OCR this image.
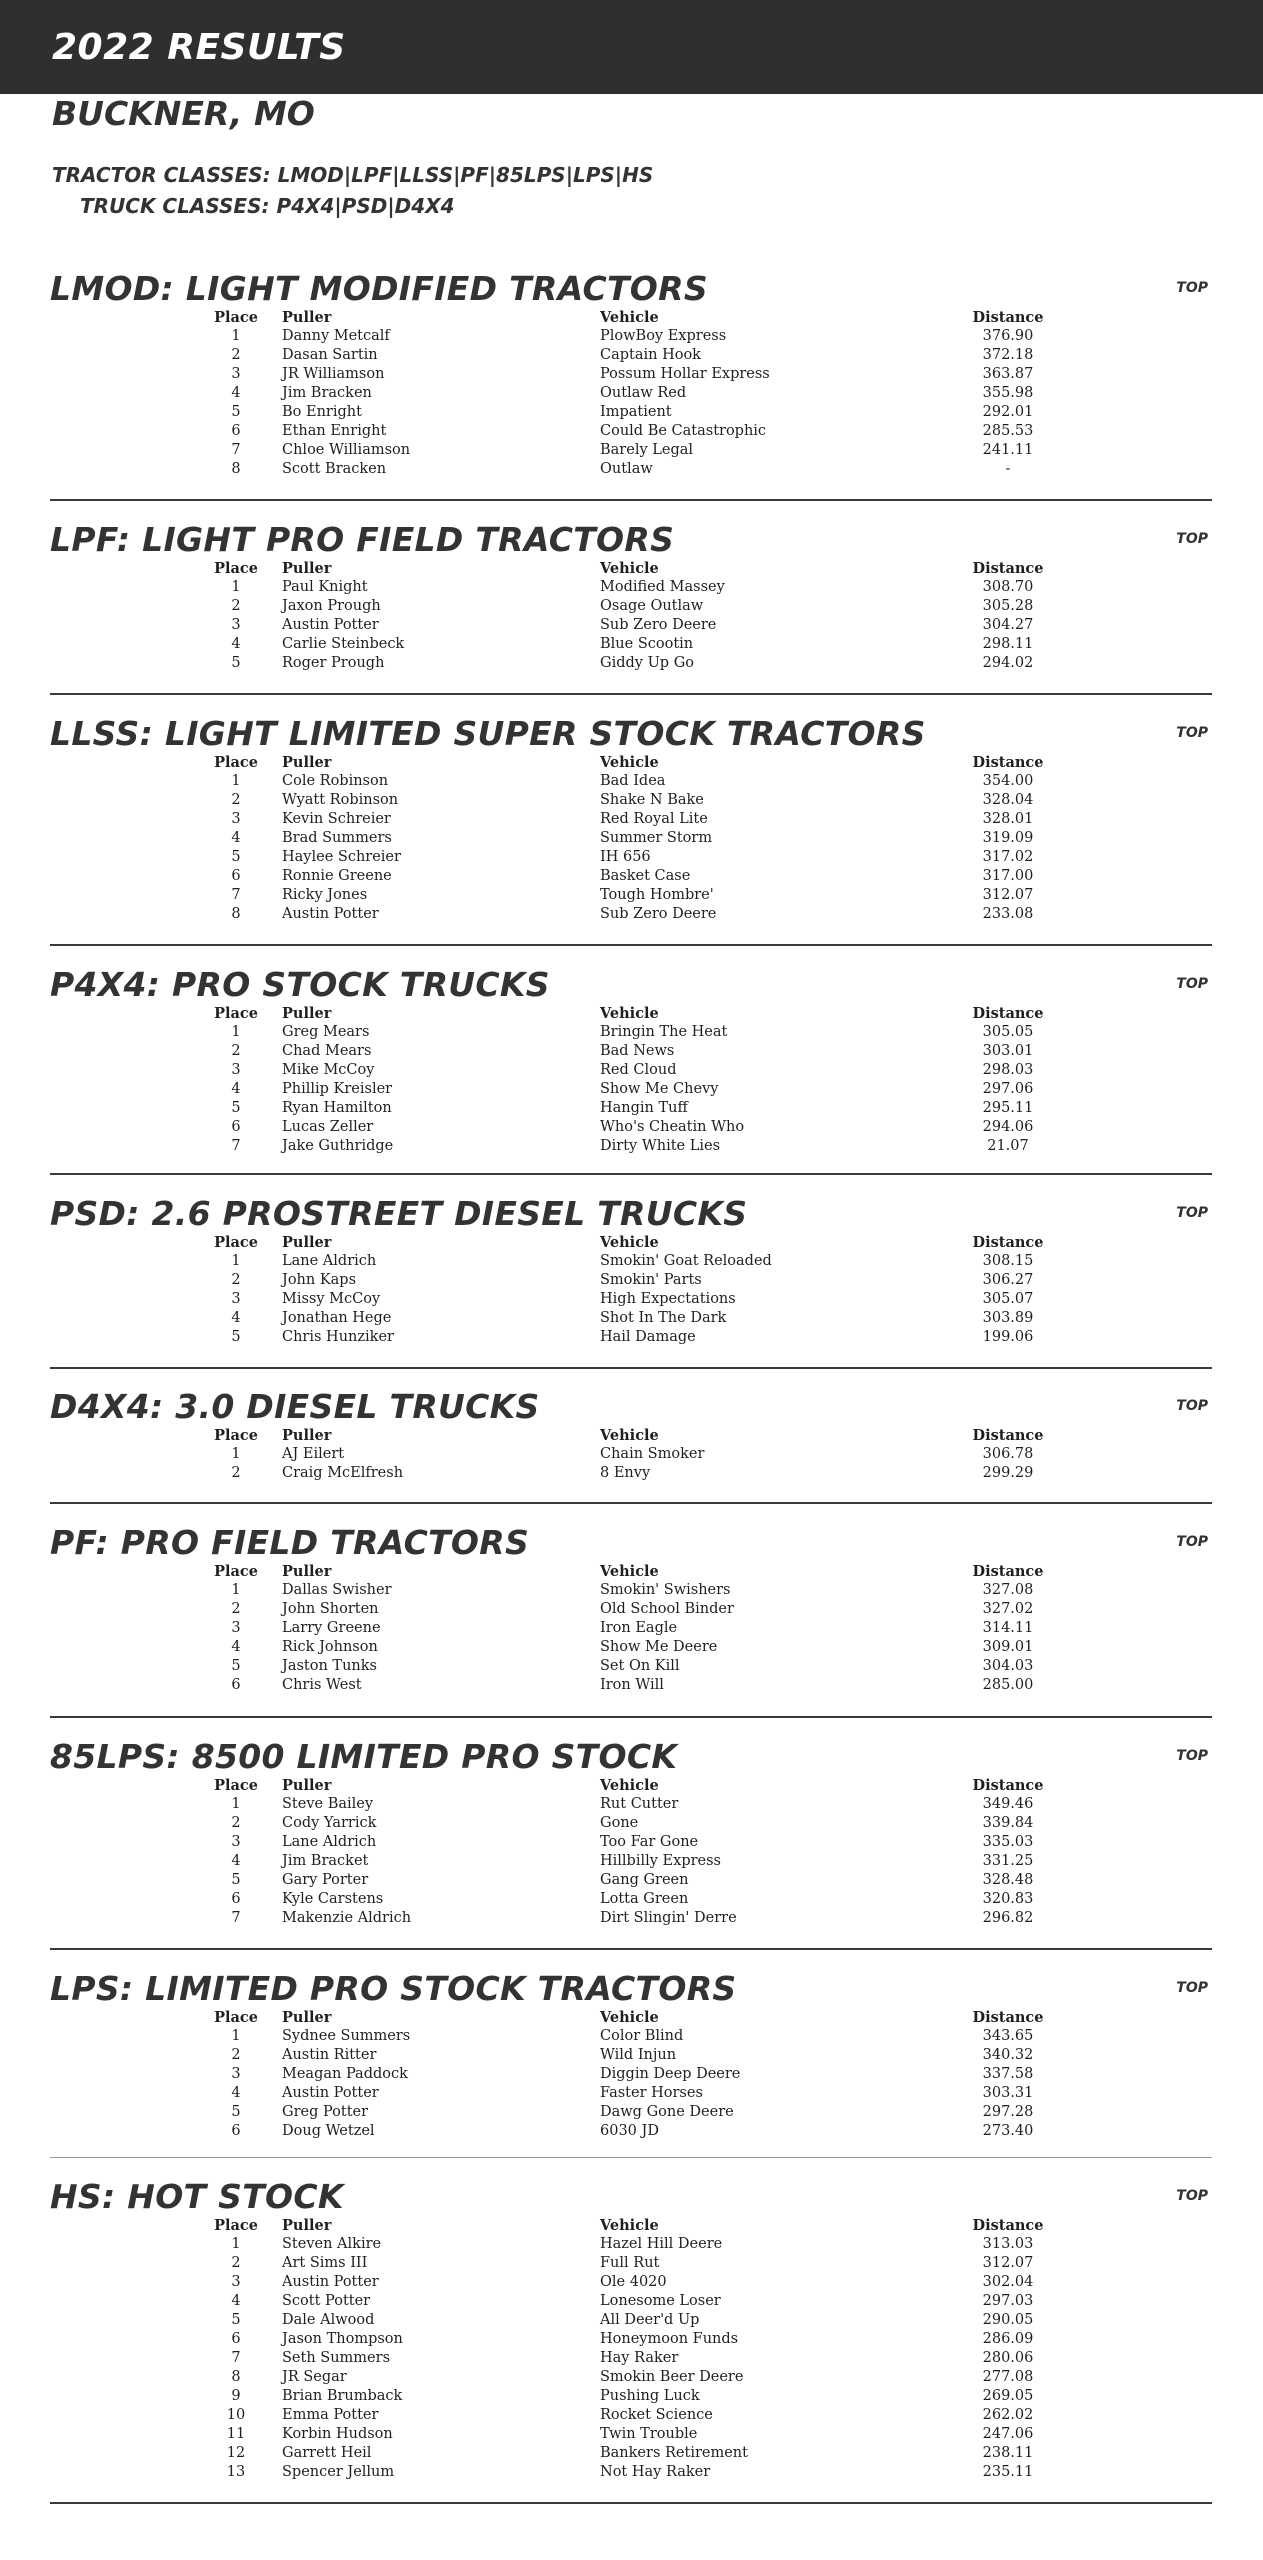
2022 RESULTS
BUCKNER, MO
TRACTOR CLASSES: LMOD|LPF|LLSS|PF|85LPS|LPS|HS
TRUCK CLASSES: P4X4|PSD|D4X4
LMOD: LIGHT MODIFIED TRACTORS	TOP
Place	Puller	Vehicle	Distance
1	Danny Metcalf	PlowBoy Express	376.90
2	Dasan Sartin	Captain Hook	372.18
3	JR Williamson	Possum Hollar Express	363.87
4	Jim Bracken	Outlaw Red	355.98
5	Bo Enright	Impatient	292.01
6	Ethan Enright	Could Be Catastrophic	285.53
7	Chloe Williamson	Barely Legal	241.11
8	Scott Bracken	Outlaw	-
LPF: LIGHT PRO FIELD TRACTORS	TOP
Place	Puller	Vehicle	Distance
1	Paul Knight	Modified Massey	308.70
2	Jaxon Prough	Osage Outlaw	305.28
3	Austin Potter	Sub Zero Deere	304.27
4	Carlie Steinbeck	Blue Scootin	298.11
5	Roger Prough	Giddy Up Go	294.02
LLSS: LIGHT LIMITED SUPER STOCK TRACTORS	TOP
Place	Puller	Vehicle	Distance
1	Cole Robinson	Bad Idea	354.00
2	Wyatt Robinson	Shake N Bake	328.04
3	Kevin Schreier	Red Royal Lite	328.01
4	Brad Summers	Summer Storm	319.09
5	Haylee Schreier	IH 656	317.02
6	Ronnie Greene	Basket Case	317.00
7	Ricky Jones	Tough Hombre'	312.07
8	Austin Potter	Sub Zero Deere	233.08
P4X4: PRO STOCK TRUCKS	TOP
Place	Puller	Vehicle	Distance
1	Greg Mears	Bringin The Heat	305.05
2	Chad Mears	Bad News	303.01
3	Mike McCoy	Red Cloud	298.03
4	Phillip Kreisler	Show Me Chevy	297.06
5	Ryan Hamilton	Hangin Tuff	295.11
6	Lucas Zeller	Who's Cheatin Who	294.06
7	Jake Guthridge	Dirty White Lies	21.07
PSD: 2.6 PROSTREET DIESEL TRUCKS	TOP
Place	Puller	Vehicle	Distance
1	Lane Aldrich	Smokin' Goat Reloaded	308.15
2	John Kaps	Smokin' Parts	306.27
3	Missy McCoy	High Expectations	305.07
4	Jonathan Hege	Shot In The Dark	303.89
5	Chris Hunziker	Hail Damage	199.06
D4X4: 3.0 DIESEL TRUCKS	TOP
Place	Puller	Vehicle	Distance
1	AJ Eilert	Chain Smoker	306.78
2	Craig McElfresh	8 Envy	299.29
PF: PRO FIELD TRACTORS	TOP
Place	Puller	Vehicle	Distance
1	Dallas Swisher	Smokin' Swishers	327.08
2	John Shorten	Old School Binder	327.02
3	Larry Greene	Iron Eagle	314.11
4	Rick Johnson	Show Me Deere	309.01
5	Jaston Tunks	Set On Kill	304.03
6	Chris West	Iron Will	285.00
85LPS: 8500 LIMITED PRO STOCK	TOP
Place	Puller	Vehicle	Distance
1	Steve Bailey	Rut Cutter	349.46
2	Cody Yarrick	Gone	339.84
3	Lane Aldrich	Too Far Gone	335.03
4	Jim Bracket	Hillbilly Express	331.25
5	Gary Porter	Gang Green	328.48
6	Kyle Carstens	Lotta Green	320.83
7	Makenzie Aldrich	Dirt Slingin' Derre	296.82
LPS: LIMITED PRO STOCK TRACTORS	TOP
Place	Puller	Vehicle	Distance
1	Sydnee Summers	Color Blind	343.65
2	Austin Ritter	Wild Injun	340.32
3	Meagan Paddock	Diggin Deep Deere	337.58
4	Austin Potter	Faster Horses	303.31
5	Greg Potter	Dawg Gone Deere	297.28
6	Doug Wetzel	6030 JD	273.40
HS: HOT STOCK	TOP
Place	Puller	Vehicle	Distance
1	Steven Alkire	Hazel Hill Deere	313.03
2	Art Sims III	Full Rut	312.07
3	Austin Potter	Ole 4020	302.04
4	Scott Potter	Lonesome Loser	297.03
5	Dale Alwood	All Deer'd Up	290.05
6	Jason Thompson	Honeymoon Funds	286.09
7	Seth Summers	Hay Raker	280.06
8	JR Segar	Smokin Beer Deere	277.08
9	Brian Brumback	Pushing Luck	269.05
10	Emma Potter	Rocket Science	262.02
11	Korbin Hudson	Twin Trouble	247.06
12	Garrett Heil	Bankers Retirement	238.11
13	Spencer Jellum	Not Hay Raker	235.11
